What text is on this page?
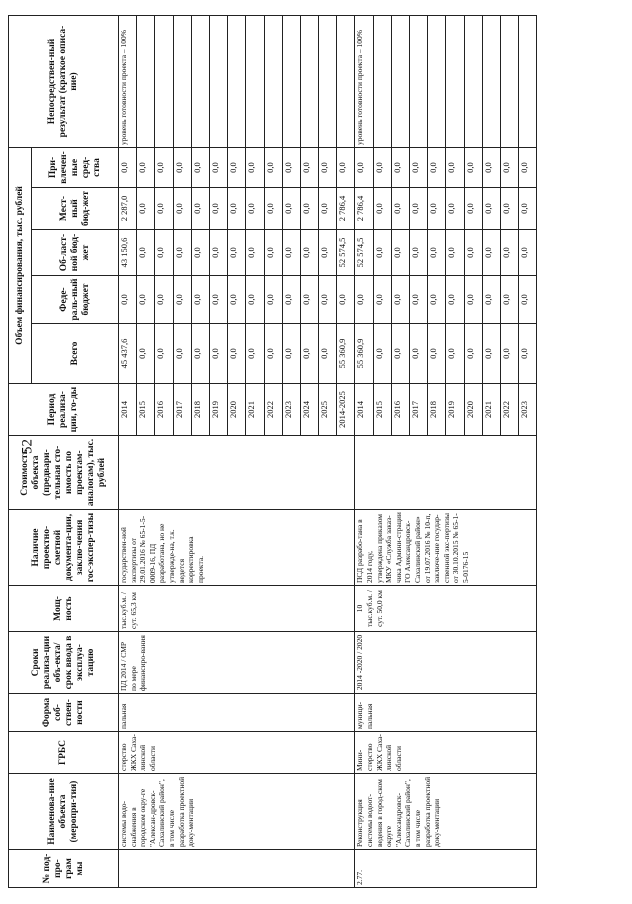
52
№ под-про-грам мы	Наименова-ние объекта (меропри-тия)	ГРБС	Форма соб-ствен-ности	Сроки реализа-ции объ-екта/срок ввода в эксплуа-тацию	Мощ-ность	Наличие проектно-сметной документа-ции, заклю-чения гос-экспер-тизы	Стоимость объекта (предвари-тельная сто-имость по проектам-аналогам), тыс. рублей	Период реализа-ции, го-ды	Объем финансирования, тыс. рублей					Непосредствен-ный результат (краткое описа-ние)
									Всего	Феде-раль-ный бюджет	Об-ласт-ной бюд-жет	Мест-ный бюд-жет	При-влечен-ные сред-ства	
	системы водо-снабжения в городском окру-ге "Алексан-дровск-Сахалинский район", в том числе разработка проектной доку-ментации	стерство ЖКХ Саха-линской области	пальная	ПД 2014 / СМР по мере финансиро-вания	тыс.куб.м. /сут. 65,3 км	государствен-ной экспертизы от 29.01.2016 № 65-1-5-0009-16, ПД разработана, но не утвержде-на, т.к. ведется корректировка проекта.		2014	45 437,6	0,0	43 150,6	2 287,0	0,0	уровень готовности проекта – 100%
								2015	0,0	0,0	0,0	0,0	0,0	
								2016	0,0	0,0	0,0	0,0	0,0	
								2017	0,0	0,0	0,0	0,0	0,0	
								2018	0,0	0,0	0,0	0,0	0,0	
								2019	0,0	0,0	0,0	0,0	0,0	
								2020	0,0	0,0	0,0	0,0	0,0	
								2021	0,0	0,0	0,0	0,0	0,0	
								2022	0,0	0,0	0,0	0,0	0,0	
								2023	0,0	0,0	0,0	0,0	0,0	
								2024	0,0	0,0	0,0	0,0	0,0	
								2025	0,0	0,0	0,0	0,0	0,0	
								2014-2025	55 360,9	0,0	52 574,5	2 786,4	0,0	
2.77.	Реконструкция системы водоот-ведения в город-ском округе "Александровск-Сахалинский район", в том числе разработка проектной доку-ментации	Мини-стерство ЖКХ Саха-линской области	муници-пальная	2014 -2020 / 2020	10 тыс.куб.м. /сут. 50,0 км	ПСД разрабо-тана в 2014 году, утверждена приказом МКУ «Служба заказ-чика Админи-страции ГО Александровск-Сахалинский район» от 19.07.2016 № 10-п, заключе-ние государ-ственной экс-пертизы от 30.10.2015 № 65-1-5-0176-15		2014	55 360,9	0,0	52 574,5	2 786,4	0,0	уровень готовности проекта – 100%
								2015	0,0	0,0	0,0	0,0	0,0	
								2016	0,0	0,0	0,0	0,0	0,0	
								2017	0,0	0,0	0,0	0,0	0,0	
								2018	0,0	0,0	0,0	0,0	0,0	
								2019	0,0	0,0	0,0	0,0	0,0	
								2020	0,0	0,0	0,0	0,0	0,0	
								2021	0,0	0,0	0,0	0,0	0,0	
								2022	0,0	0,0	0,0	0,0	0,0	
								2023	0,0	0,0	0,0	0,0	0,0	
